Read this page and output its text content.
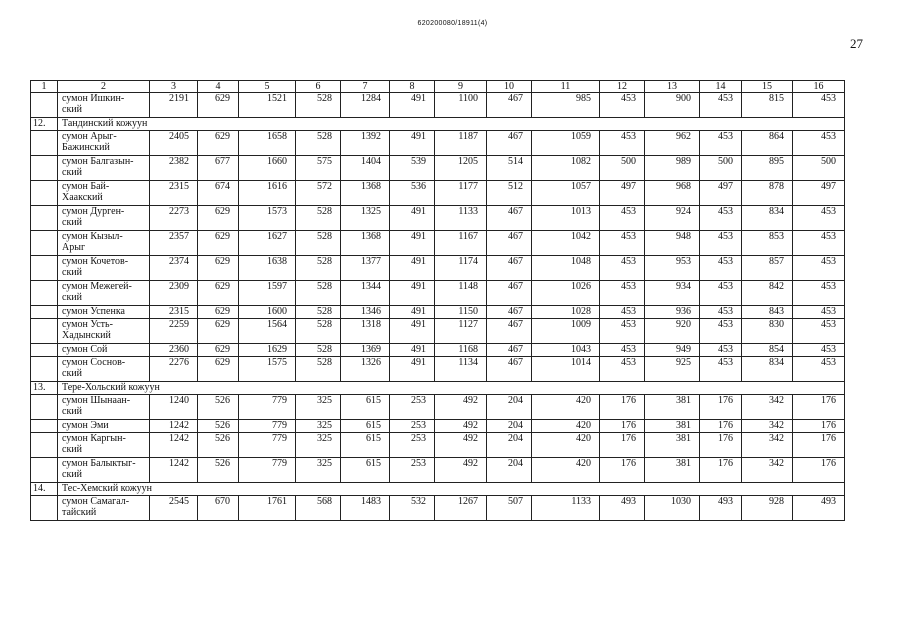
620200080/18911(4)
27
1	2	3	4	5	6	7	8	9	10	11	12	13	14	15	16

	сумон Ишкин-
ский	2191	629	1521	528	1284	491	1100	467	985	453	900	453	815	453
12.	Тандинский кожуун														

	сумон Арыг-
Бажинский	2405	629	1658	528	1392	491	1187	467	1059	453	962	453	864	453

	сумон Балгазын-
ский	2382	677	1660	575	1404	539	1205	514	1082	500	989	500	895	500

	сумон Бай-
Хаакский	2315	674	1616	572	1368	536	1177	512	1057	497	968	497	878	497

	сумон Дурген-
ский	2273	629	1573	528	1325	491	1133	467	1013	453	924	453	834	453

	сумон Кызыл-
Арыг	2357	629	1627	528	1368	491	1167	467	1042	453	948	453	853	453

	сумон Кочетов-
ский	2374	629	1638	528	1377	491	1174	467	1048	453	953	453	857	453

	сумон Межегей-
ский	2309	629	1597	528	1344	491	1148	467	1026	453	934	453	842	453

	сумон Успенка	2315	629	1600	528	1346	491	1150	467	1028	453	936	453	843	453

	сумон Усть-
Хадынский	2259	629	1564	528	1318	491	1127	467	1009	453	920	453	830	453

	сумон Сой	2360	629	1629	528	1369	491	1168	467	1043	453	949	453	854	453

	сумон Соснов-
ский	2276	629	1575	528	1326	491	1134	467	1014	453	925	453	834	453
13.	Тере-Хольский кожуун														

	сумон Шынаан-
ский	1240	526	779	325	615	253	492	204	420	176	381	176	342	176

	сумон Эми	1242	526	779	325	615	253	492	204	420	176	381	176	342	176

	сумон Каргын-
ский	1242	526	779	325	615	253	492	204	420	176	381	176	342	176

	сумон Балыктыг-
ский	1242	526	779	325	615	253	492	204	420	176	381	176	342	176
14.	Тес-Хемский кожуун														

	сумон Самагал-
тайский	2545	670	1761	568	1483	532	1267	507	1133	493	1030	493	928	493
